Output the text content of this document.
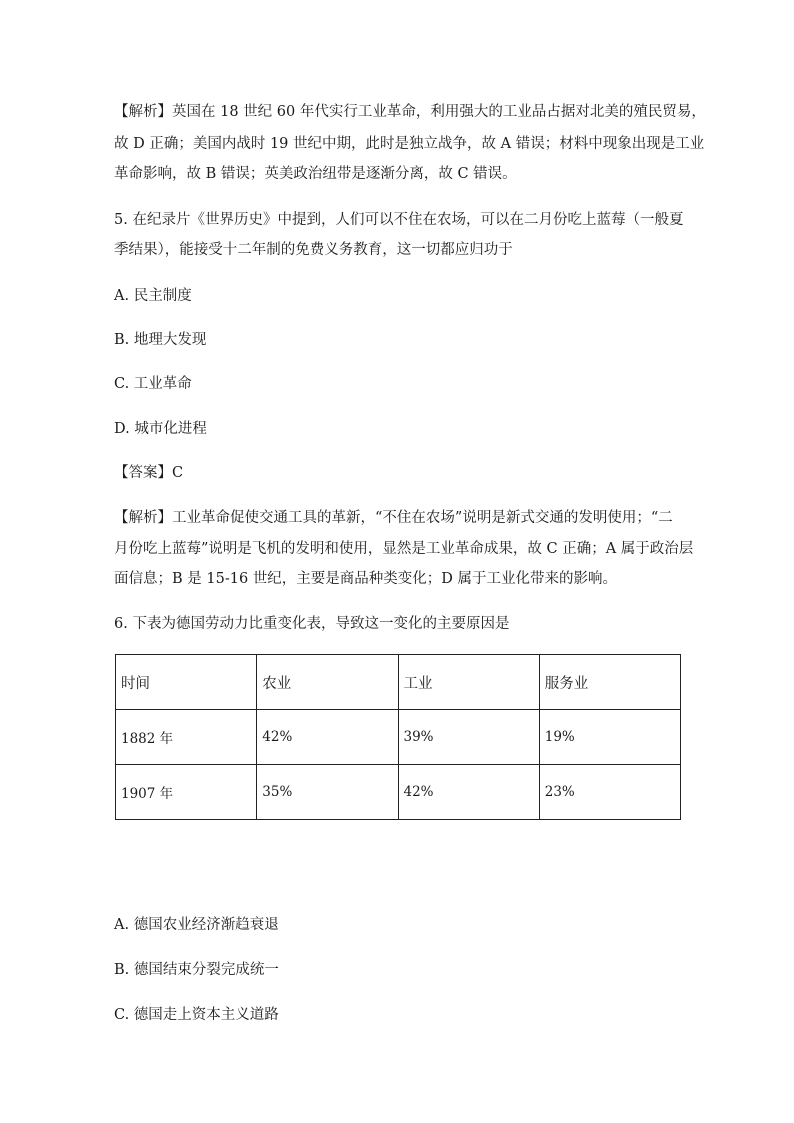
【解析】英国在 18 世纪 60 年代实行工业革命，利用强大的工业品占据对北美的殖民贸易，
故 D 正确；美国内战时 19 世纪中期，此时是独立战争，故 A 错误；材料中现象出现是工业
革命影响，故 B 错误；英美政治纽带是逐渐分离，故 C 错误。
5. 在纪录片《世界历史》中提到，人们可以不住在农场，可以在二月份吃上蓝莓（一般夏
季结果），能接受十二年制的免费义务教育，这一切都应归功于
A. 民主制度
B. 地理大发现
C. 工业革命
D. 城市化进程
【答案】C
【解析】工业革命促使交通工具的革新，“不住在农场”说明是新式交通的发明使用；“二
月份吃上蓝莓”说明是飞机的发明和使用，显然是工业革命成果，故 C 正确；A 属于政治层
面信息；B 是 15-16 世纪，主要是商品种类变化；D 属于工业化带来的影响。
6. 下表为德国劳动力比重变化表，导致这一变化的主要原因是
时间	农业	工业	服务业
1882 年	42%	39%	19%
1907 年	35%	42%	23%
A. 德国农业经济渐趋衰退
B. 德国结束分裂完成统一
C. 德国走上资本主义道路
